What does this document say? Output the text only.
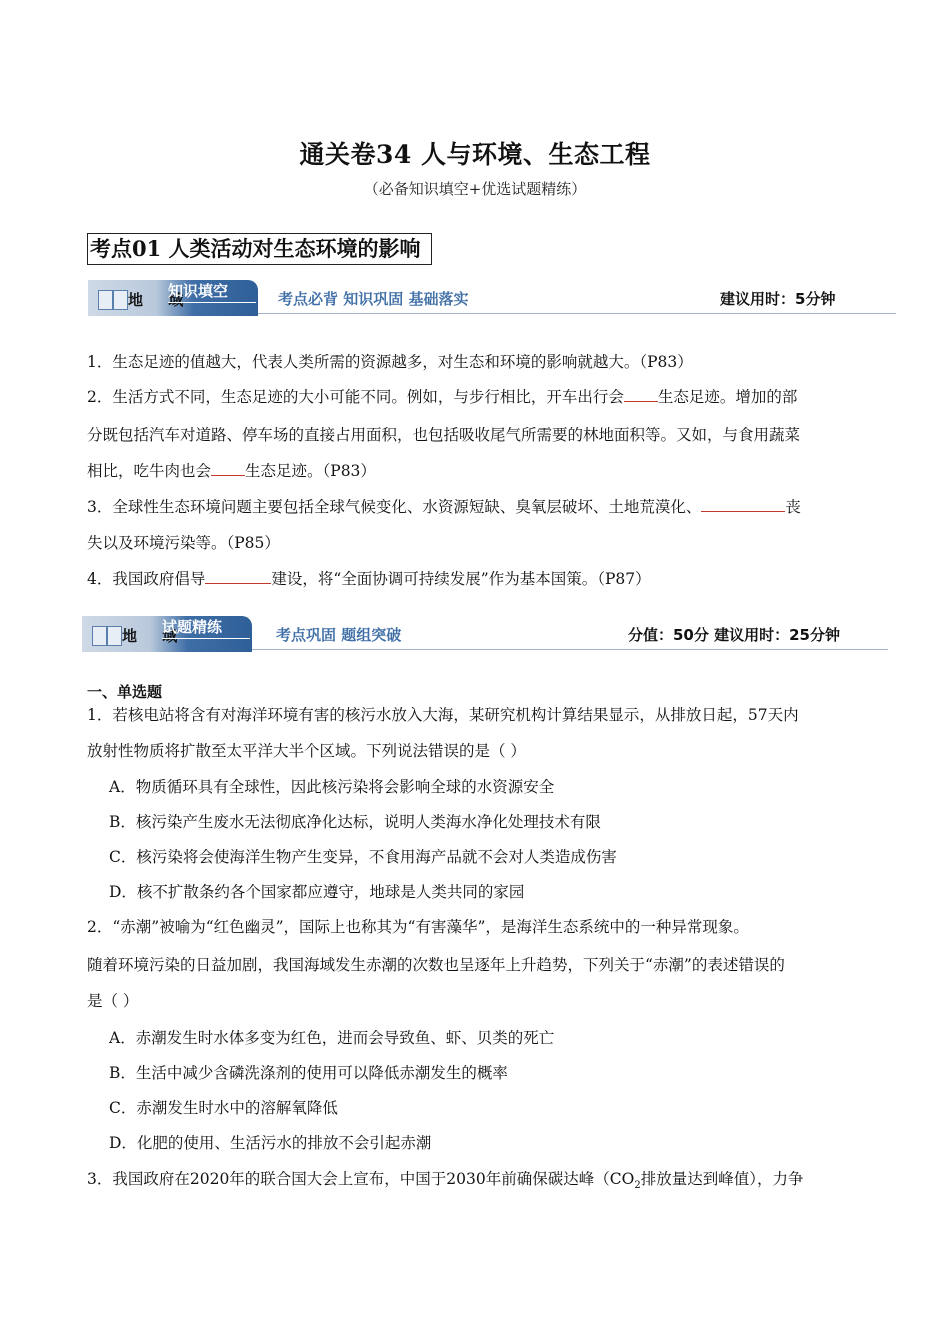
通关卷34 人与环境、生态工程
（必备知识填空+优选试题精练）
考点01 人类活动对生态环境的影响
地 域
知识填空	考点必背 知识巩固 基础落实	建议用时：5分钟
1．生态足迹的值越大，代表人类所需的资源越多，对生态和环境的影响就越大。（P83）
2．生活方式不同，生态足迹的大小可能不同。例如，与步行相比，开车出行会 生态足迹。增加的部
分既包括汽车对道路、停车场的直接占用面积，也包括吸收尾气所需要的林地面积等。又如，与食用蔬菜
相比，吃牛肉也会 生态足迹。（P83）
3．全球性生态环境问题主要包括全球气候变化、水资源短缺、臭氧层破坏、土地荒漠化、	丧
失以及环境污染等。（P85）
4．我国政府倡导	建设，将“全面协调可持续发展”作为基本国策。（P87）
地 域
试题精练	考点巩固 题组突破	分值：50分 建议用时：25分钟
一、单选题
1．若核电站将含有对海洋环境有害的核污水放入大海，某研究机构计算结果显示，从排放日起，57天内
放射性物质将扩散至太平洋大半个区域。下列说法错误的是（ ）
A．物质循环具有全球性，因此核污染将会影响全球的水资源安全
B．核污染产生废水无法彻底净化达标，说明人类海水净化处理技术有限
C．核污染将会使海洋生物产生变异，不食用海产品就不会对人类造成伤害
D．核不扩散条约各个国家都应遵守，地球是人类共同的家园
2．“赤潮”被喻为“红色幽灵”，国际上也称其为“有害藻华”，是海洋生态系统中的一种异常现象。
随着环境污染的日益加剧，我国海域发生赤潮的次数也呈逐年上升趋势，下列关于“赤潮”的表述错误的
是（ ）
A．赤潮发生时水体多变为红色，进而会导致鱼、虾、贝类的死亡
B．生活中减少含磷洗涤剂的使用可以降低赤潮发生的概率
C．赤潮发生时水中的溶解氧降低
D．化肥的使用、生活污水的排放不会引起赤潮
3．我国政府在2020年的联合国大会上宣布，中国于2030年前确保碳达峰（$CO_2$排放量达到峰值），力争
